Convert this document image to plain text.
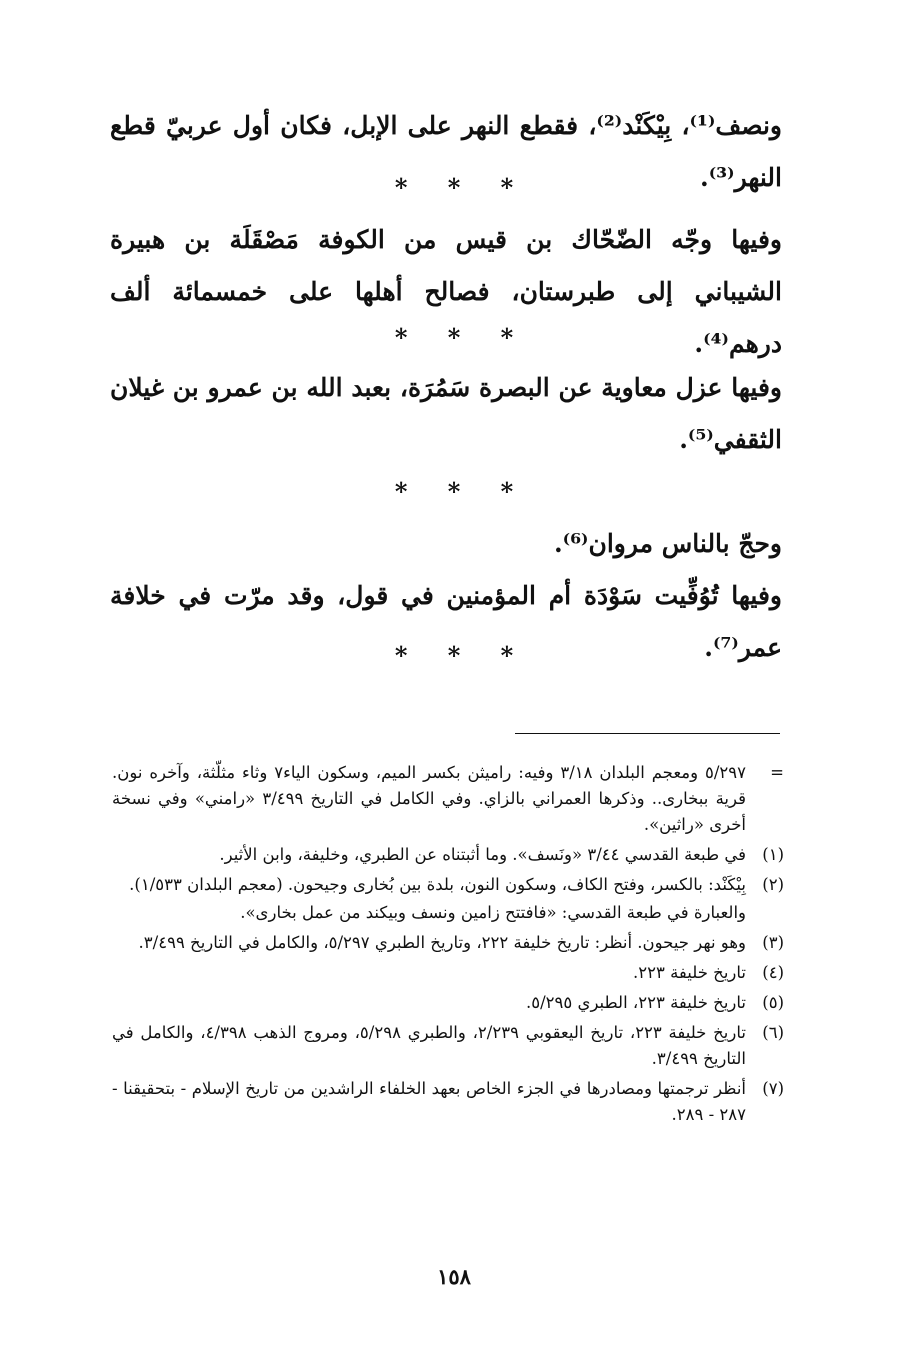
ونصف⁽¹⁾، بِيْكَنْد⁽²⁾، فقطع النهر على الإبل، فكان أول عربيّ قطع النهر⁽³⁾.

* * *

وفيها وجّه الضّحّاك بن قيس من الكوفة مَصْقَلَة بن هبيرة الشيباني إلى طبرستان، فصالح أهلها على خمسمائة ألف درهم⁽⁴⁾.

* * *

وفيها عزل معاوية عن البصرة سَمُرَة، بعبد الله بن عمرو بن غيلان الثقفي⁽⁵⁾.

* * *

وحجّ بالناس مروان⁽⁶⁾.

وفيها تُوُفِّيت سَوْدَة أم المؤمنين في قول، وقد مرّت في خلافة عمر⁽⁷⁾.

* * *
=
٥/٢٩٧ ومعجم البلدان ٣/١٨ وفيه: راميثن بكسر الميم، وسكون الياء٧ وثاء مثلّثة، وآخره نون. قرية ببخارى.. وذكرها العمراني بالزاي. وفي الكامل في التاريخ ٣/٤٩٩ «رامني» وفي نسخة أخرى «راثين».
(١)
في طبعة القدسي ٣/٤٤ «ونَسف». وما أثبتناه عن الطبري، وخليفة، وابن الأثير.
(٢)
بِيْكَنْد: بالكسر، وفتح الكاف، وسكون النون، بلدة بين بُخارى وجيحون. (معجم البلدان ١/٥٣٣).
والعبارة في طبعة القدسي: «فافتتح زامين ونسف وبيكند من عمل بخارى».
(٣)
وهو نهر جيحون. أنظر: تاريخ خليفة ٢٢٢، وتاريخ الطبري ٥/٢٩٧، والكامل في التاريخ ٣/٤٩٩.
(٤)
تاريخ خليفة ٢٢٣.
(٥)
تاريخ خليفة ٢٢٣، الطبري ٥/٢٩٥.
(٦)
تاريخ خليفة ٢٢٣، تاريخ اليعقوبي ٢/٢٣٩، والطبري ٥/٢٩٨، ومروج الذهب ٤/٣٩٨، والكامل في التاريخ ٣/٤٩٩.
(٧)
أنظر ترجمتها ومصادرها في الجزء الخاص بعهد الخلفاء الراشدين من تاريخ الإسلام - بتحقيقنا - ٢٨٧ - ٢٨٩.
١٥٨
